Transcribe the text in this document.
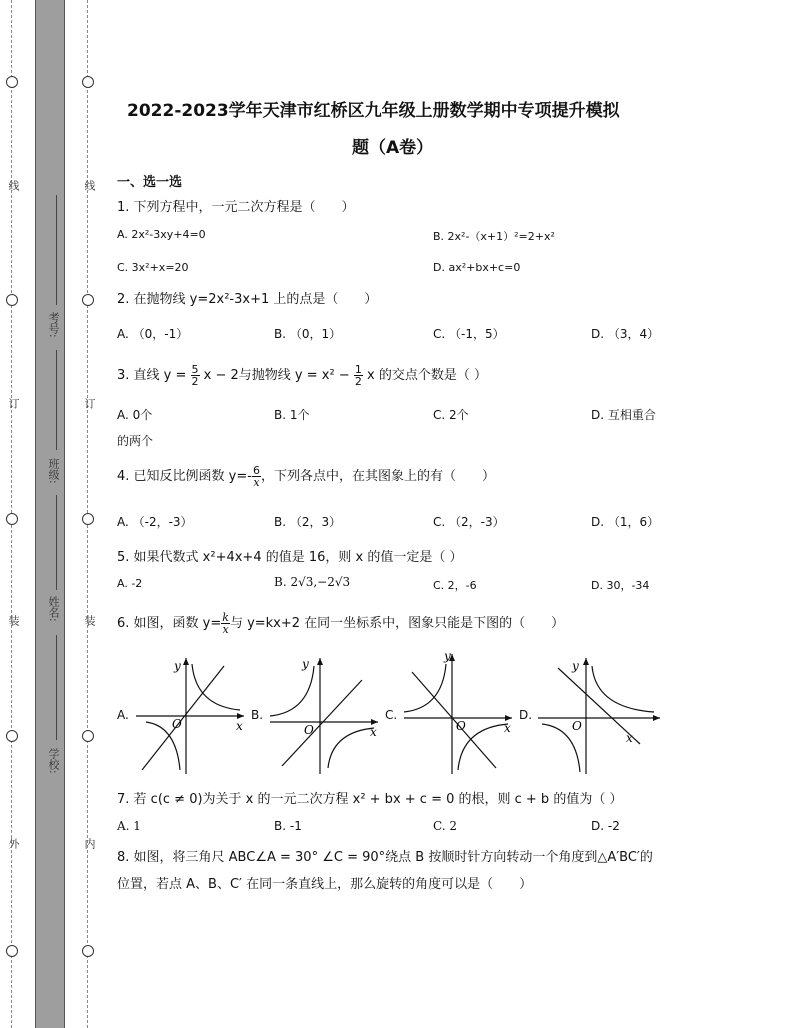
线
订
装
外
线
订
装
内
考号:
班级:
姓名:
学校:
2022-2023学年天津市红桥区九年级上册数学期中专项提升模拟
题（A卷）
一、选一选
1. 下列方程中，一元二次方程是（　　）
A. 2x²-3xy+4=0	B. 2x²-（x+1）²=2+x²
C. 3x²+x=20	D. ax²+bx+c=0
2. 在抛物线 y=2x²-3x+1 上的点是（　　）
A. （0，-1）	B. （0，1）	C. （-1，5）	D. （3，4）
3. 直线 $y = \frac{5}{2}$ x − 2与抛物线 $y = x^2 - \frac{1}{2}$ x 的交点个数是（ ）
A. 0个	B. 1个	C. 2个	D. 互相重合
的两个
4. 已知反比例函数 $y=- \frac{6}{x}$ ，下列各点中，在其图象上的有（　　）
A. （-2，-3）	B. （2，3）	C. （2，-3）	D. （1，6）
5. 如果代数式 x²+4x+4 的值是 16，则 x 的值一定是（ ）
A. -2	B. 2√3,−2√3	C. 2，-6	D. 30，-34
6. 如图，函数 $y= \frac{k}{x}$ 与 y=kx+2 在同一坐标系中，图象只能是下图的（　　）
A.
y
x
O
B.
y
x
O
C.
y
x
O
D.
y
x
O
7. 若 c(c ≠ 0)为关于 x 的一元二次方程 x² + bx + c = 0 的根，则 c + b 的值为（ ）
A. 1	B. -1	C. 2	D. -2
8. 如图，将三角尺 ABC∠A = 30° ∠C = 90°绕点 B 按顺时针方向转动一个角度到△A′BC′的
位置，若点 A、B、C′ 在同一条直线上，那么旋转的角度可以是（　　）
